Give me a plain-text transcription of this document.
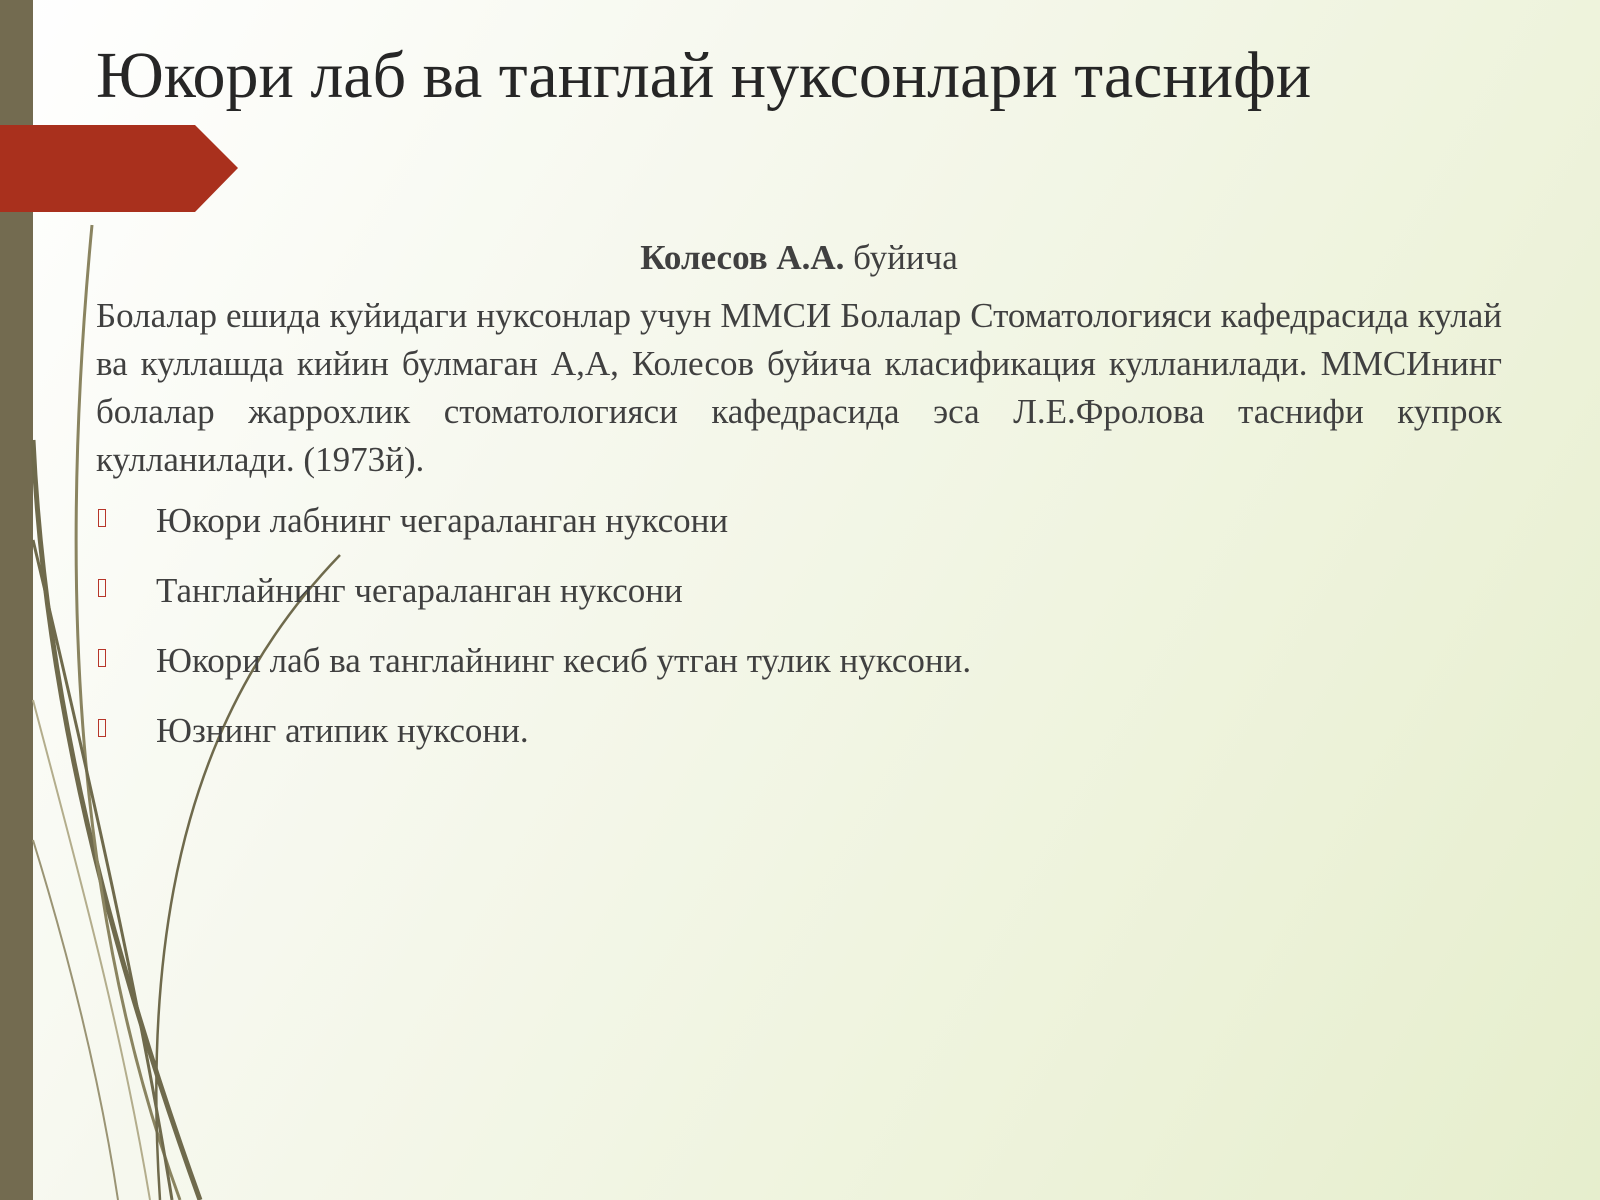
Юкори лаб ва танглай нуксонлари таснифи

Колесов А.А. буйича

Болалар ешида куйидаги нуксонлар учун ММСИ Болалар Стоматологияси кафедрасида кулай ва куллашда кийин булмаган А,А, Колесов буйича класификация кулланилади. ММСИнинг болалар жаррохлик стоматологияси кафедрасида эса Л.Е.Фролова таснифи купрок кулланилади. (1973й).

Юкори лабнинг чегараланган нуксони
Танглайнинг чегараланган нуксони
Юкори лаб ва танглайнинг кесиб утган тулик нуксони.
Юзнинг атипик нуксони.
